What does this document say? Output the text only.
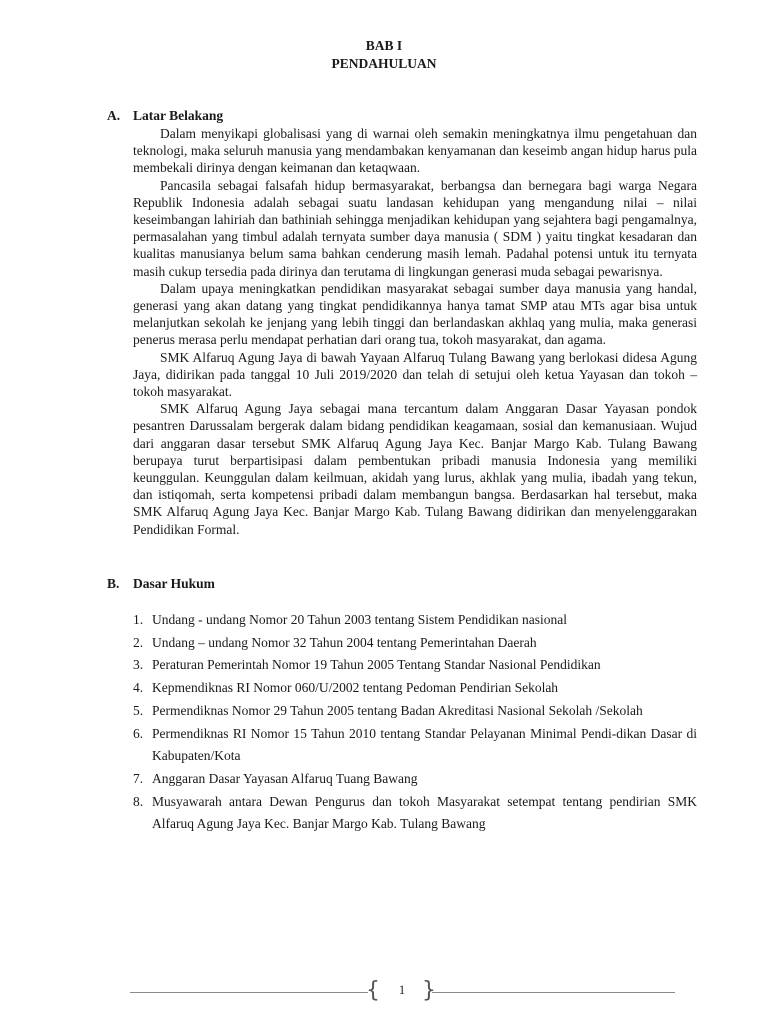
BAB I
PENDAHULUAN
A. Latar Belakang

Dalam menyikapi globalisasi yang di warnai oleh semakin meningkatnya ilmu pengetahuan dan teknologi, maka seluruh manusia yang mendambakan kenyamanan dan keseimb angan hidup harus pula membekali dirinya dengan keimanan dan ketaqwaan.

Pancasila sebagai falsafah hidup bermasyarakat, berbangsa dan bernegara bagi warga Negara Republik Indonesia adalah sebagai suatu landasan kehidupan yang mengandung nilai – nilai keseimbangan lahiriah dan bathiniah sehingga menjadikan kehidupan yang sejahtera bagi pengamalnya, permasalahan yang timbul adalah ternyata sumber daya manusia ( SDM ) yaitu tingkat kesadaran dan kualitas manusianya belum sama bahkan cenderung masih lemah. Padahal potensi untuk itu ternyata masih cukup tersedia pada dirinya dan terutama di lingkungan generasi muda sebagai pewarisnya.

Dalam upaya meningkatkan pendidikan masyarakat sebagai sumber daya manusia yang handal, generasi yang akan datang yang tingkat pendidikannya hanya tamat SMP atau MTs agar bisa untuk melanjutkan sekolah ke jenjang yang lebih tinggi dan berlandaskan akhlaq yang mulia, maka generasi penerus merasa perlu mendapat perhatian dari orang tua, tokoh masyarakat, dan agama.

SMK Alfaruq Agung Jaya di bawah Yayaan Alfaruq Tulang Bawang yang berlokasi didesa Agung Jaya, didirikan pada tanggal 10 Juli 2019/2020 dan telah di setujui oleh ketua Yayasan dan tokoh – tokoh masyarakat.

SMK Alfaruq Agung Jaya sebagai mana tercantum dalam Anggaran Dasar Yayasan pondok pesantren Darussalam bergerak dalam bidang pendidikan keagamaan, sosial dan kemanusiaan. Wujud dari anggaran dasar tersebut SMK Alfaruq Agung Jaya Kec. Banjar Margo Kab. Tulang Bawang berupaya turut berpartisipasi dalam pembentukan pribadi manusia Indonesia yang memiliki keunggulan. Keunggulan dalam keilmuan, akidah yang lurus, akhlak yang mulia, ibadah yang tekun, dan istiqomah, serta kompetensi pribadi dalam membangun bangsa. Berdasarkan hal tersebut, maka SMK Alfaruq Agung Jaya Kec. Banjar Margo Kab. Tulang Bawang didirikan dan menyelenggarakan Pendidikan Formal.

B. Dasar Hukum
1. Undang - undang Nomor 20 Tahun 2003 tentang Sistem Pendidikan nasional
2. Undang – undang Nomor 32 Tahun 2004 tentang Pemerintahan Daerah
3. Peraturan Pemerintah Nomor 19 Tahun 2005 Tentang Standar Nasional Pendidikan
4. Kepmendiknas RI Nomor 060/U/2002 tentang Pedoman Pendirian Sekolah
5. Permendiknas Nomor 29 Tahun 2005 tentang Badan Akreditasi Nasional Sekolah /Sekolah
6. Permendiknas RI Nomor 15 Tahun 2010 tentang Standar Pelayanan Minimal Pendi-dikan Dasar di Kabupaten/Kota
7. Anggaran Dasar Yayasan Alfaruq Tuang Bawang
8. Musyawarah antara Dewan Pengurus dan tokoh Masyarakat setempat tentang pendirian SMK Alfaruq Agung Jaya Kec. Banjar Margo Kab. Tulang Bawang
{	1 }
